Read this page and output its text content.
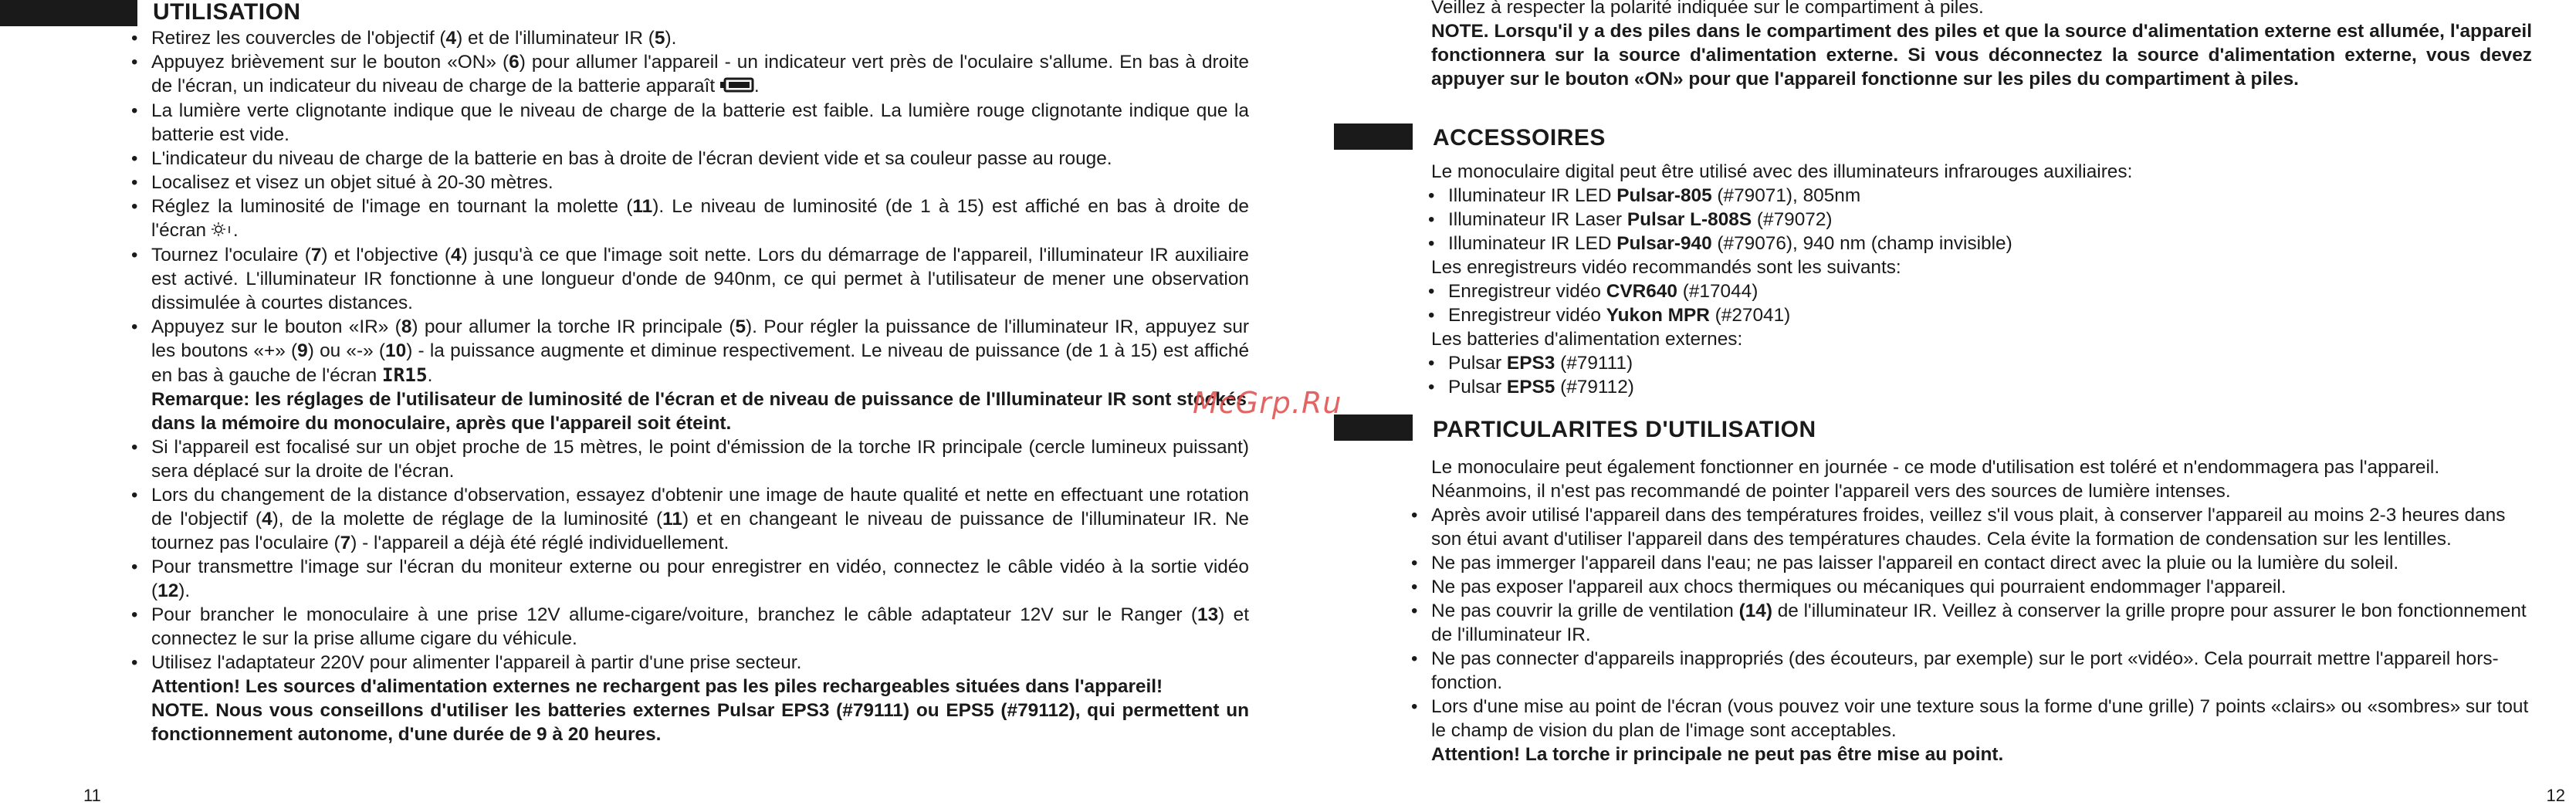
UTILISATION
• Retirez les couvercles de l'objectif (4) et de l'illuminateur IR (5).
• Appuyez brièvement sur le bouton «ON» (6) pour allumer l'appareil - un indicateur vert près de l'oculaire s'allume. En bas à droite de l'écran, un indicateur du niveau de charge de la batterie apparaît .
• La lumière verte clignotante indique que le niveau de charge de la batterie est faible. La lumière rouge clignotante indique que la batterie est vide.
• L'indicateur du niveau de charge de la batterie en bas à droite de l'écran devient vide et sa couleur passe au rouge.
• Localisez et visez un objet situé à 20-30 mètres.
• Réglez la luminosité de l'image en tournant la molette (11). Le niveau de luminosité (de 1 à 15) est affiché en bas à droite de l'écran .
• Tournez l'oculaire (7) et l'objective (4) jusqu'à ce que l'image soit nette. Lors du démarrage de l'appareil, l'illuminateur IR auxiliaire est activé. L'illuminateur IR fonctionne à une longueur d'onde de 940nm, ce qui permet à l'utilisateur de mener une observation dissimulée à courtes distances.
• Appuyez sur le bouton «IR» (8) pour allumer la torche IR principale (5). Pour régler la puissance de l'illuminateur IR, appuyez sur les boutons «+» (9) ou «-» (10) - la puissance augmente et diminue respectivement. Le niveau de puissance (de 1 à 15) est affiché en bas à gauche de l'écran IR15.
Remarque: les réglages de l'utilisateur de luminosité de l'écran et de niveau de puissance de l'Illuminateur IR sont stockés dans la mémoire du monoculaire, après que l'appareil soit éteint.
• Si l'appareil est focalisé sur un objet proche de 15 mètres, le point d'émission de la torche IR principale (cercle lumineux puissant) sera déplacé sur la droite de l'écran.
• Lors du changement de la distance d'observation, essayez d'obtenir une image de haute qualité et nette en effectuant une rotation de l'objectif (4), de la molette de réglage de la luminosité (11) et en changeant le niveau de puissance de l'illuminateur IR. Ne tournez pas l'oculaire (7) - l'appareil a déjà été réglé individuellement.
• Pour transmettre l'image sur l'écran du moniteur externe ou pour enregistrer en vidéo, connectez le câble vidéo à la sortie vidéo (12).
• Pour brancher le monoculaire à une prise 12V allume-cigare/voiture, branchez le câble adaptateur 12V sur le Ranger (13) et connectez le sur la prise allume cigare du véhicule.
• Utilisez l'adaptateur 220V pour alimenter l'appareil à partir d'une prise secteur.
Attention! Les sources d'alimentation externes ne rechargent pas les piles rechargeables situées dans l'appareil!
NOTE. Nous vous conseillons d'utiliser les batteries externes Pulsar EPS3 (#79111) ou EPS5 (#79112), qui permettent un fonctionnement autonome, d'une durée de 9 à 20 heures.
11

Veillez à respecter la polarité indiquée sur le compartiment à piles.

NOTE. Lorsqu'il y a des piles dans le compartiment des piles et que la source d'alimentation externe est allumée, l'appareil fonctionnera sur la source d'alimentation externe. Si vous déconnectez la source d'alimentation externe, vous devez appuyer sur le bouton «ON» pour que l'appareil fonctionne sur les piles du compartiment à piles.

ACCESSOIRES

Le monoculaire digital peut être utilisé avec des illuminateurs infrarouges auxiliaires:

• Illuminateur IR LED Pulsar-805 (#79071), 805nm
• Illuminateur IR Laser Pulsar L-808S (#79072)
• Illuminateur IR LED Pulsar-940 (#79076), 940 nm (champ invisible)

Les enregistreurs vidéo recommandés sont les suivants:

• Enregistreur vidéo CVR640 (#17044)
• Enregistreur vidéo Yukon MPR (#27041)

Les batteries d'alimentation externes:

• Pulsar EPS3 (#79111)
• Pulsar EPS5 (#79112)
PARTICULARITES D'UTILISATION

Le monoculaire peut également fonctionner en journée - ce mode d'utilisation est toléré et n'endommagera pas l'appareil. Néanmoins, il n'est pas recommandé de pointer l'appareil vers des sources de lumière intenses.

• Après avoir utilisé l'appareil dans des températures froides, veillez s'il vous plait, à conserver l'appareil au moins 2-3 heures dans son étui avant d'utiliser l'appareil dans des températures chaudes. Cela évite la formation de condensation sur les lentilles.
• Ne pas immerger l'appareil dans l'eau; ne pas laisser l'appareil en contact direct avec la pluie ou la lumière du soleil.
• Ne pas exposer l'appareil aux chocs thermiques ou mécaniques qui pourraient endommager l'appareil.
• Ne pas couvrir la grille de ventilation (14) de l'illuminateur IR. Veillez à conserver la grille propre pour assurer le bon fonctionnement de l'illuminateur IR.
• Ne pas connecter d'appareils inappropriés (des écouteurs, par exemple) sur le port «vidéo». Cela pourrait mettre l'appareil hors-fonction.
• Lors d'une mise au point de l'écran (vous pouvez voir une texture sous la forme d'une grille) 7 points «clairs» ou «sombres» sur tout le champ de vision du plan de l'image sont acceptables.

Attention! La torche ir principale ne peut pas être mise au point.

12
McGrp.Ru
